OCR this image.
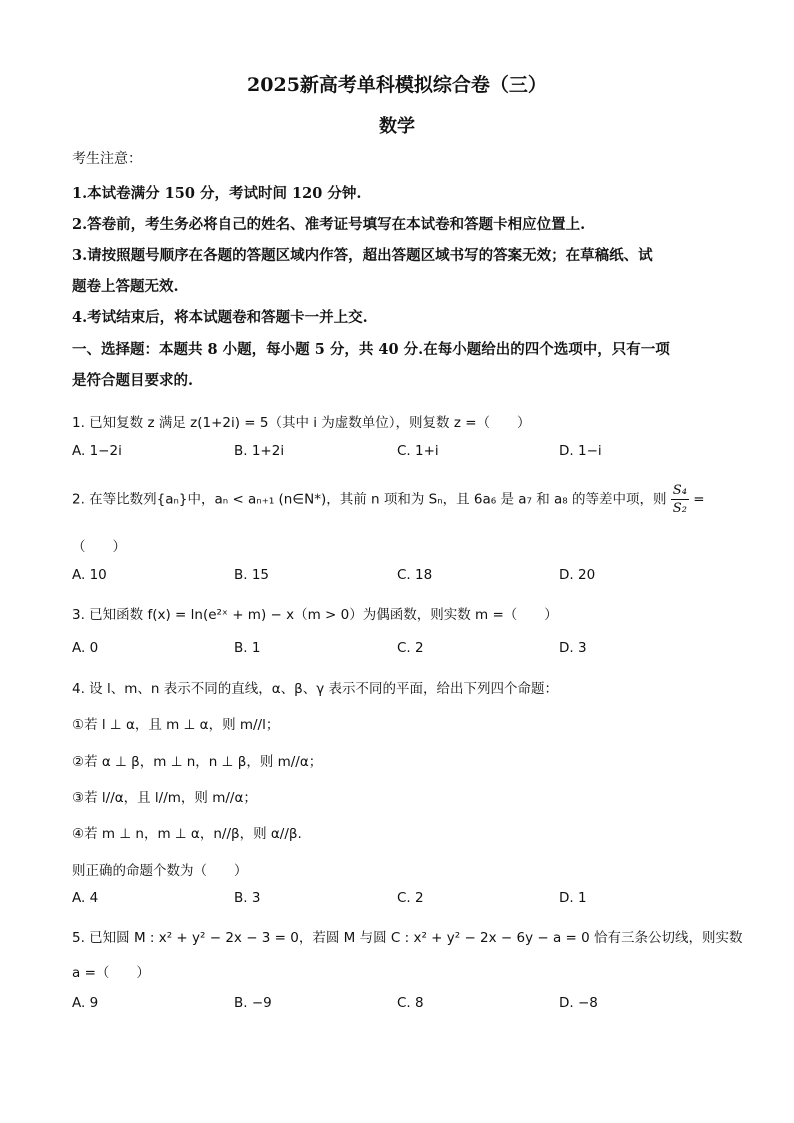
2025新高考单科模拟综合卷（三）
数学
考生注意：
1.本试卷满分 150 分，考试时间 120 分钟.
2.答卷前，考生务必将自己的姓名、准考证号填写在本试卷和答题卡相应位置上.
3.请按照题号顺序在各题的答题区域内作答，超出答题区域书写的答案无效；在草稿纸、试
题卷上答题无效.
4.考试结束后，将本试题卷和答题卡一并上交.
一、选择题：本题共 8 小题，每小题 5 分，共 40 分.在每小题给出的四个选项中，只有一项
是符合题目要求的.
1. 已知复数 z 满足 z(1+2i) = 5（其中 i 为虚数单位），则复数 z =（　　）
A. 1−2i	B. 1+2i	C. 1+i	D. 1−i
2. 在等比数列{aₙ}中，aₙ < aₙ₊₁ (n∈N*)，其前 n 项和为 Sₙ，且 6a₆ 是 a₇ 和 a₈ 的等差中项，则 $\frac{\text{S₄}}{\text{S₂}}$ =
（　　）
A. 10	B. 15	C. 18	D. 20
3. 已知函数 f(x) = ln(e²ˣ + m) − x（m > 0）为偶函数，则实数 m =（　　）
A. 0	B. 1	C. 2	D. 3
4. 设 l、m、n 表示不同的直线，α、β、γ 表示不同的平面，给出下列四个命题：
①若 l ⊥ α，且 m ⊥ α，则 m//l；
②若 α ⊥ β，m ⊥ n，n ⊥ β，则 m//α；
③若 l//α，且 l//m，则 m//α；
④若 m ⊥ n，m ⊥ α，n//β，则 α//β.
则正确的命题个数为（　　）
A. 4	B. 3	C. 2	D. 1
5. 已知圆 M : x² + y² − 2x − 3 = 0，若圆 M 与圆 C : x² + y² − 2x − 6y − a = 0 恰有三条公切线，则实数
a =（　　）
A. 9	B. −9	C. 8	D. −8
